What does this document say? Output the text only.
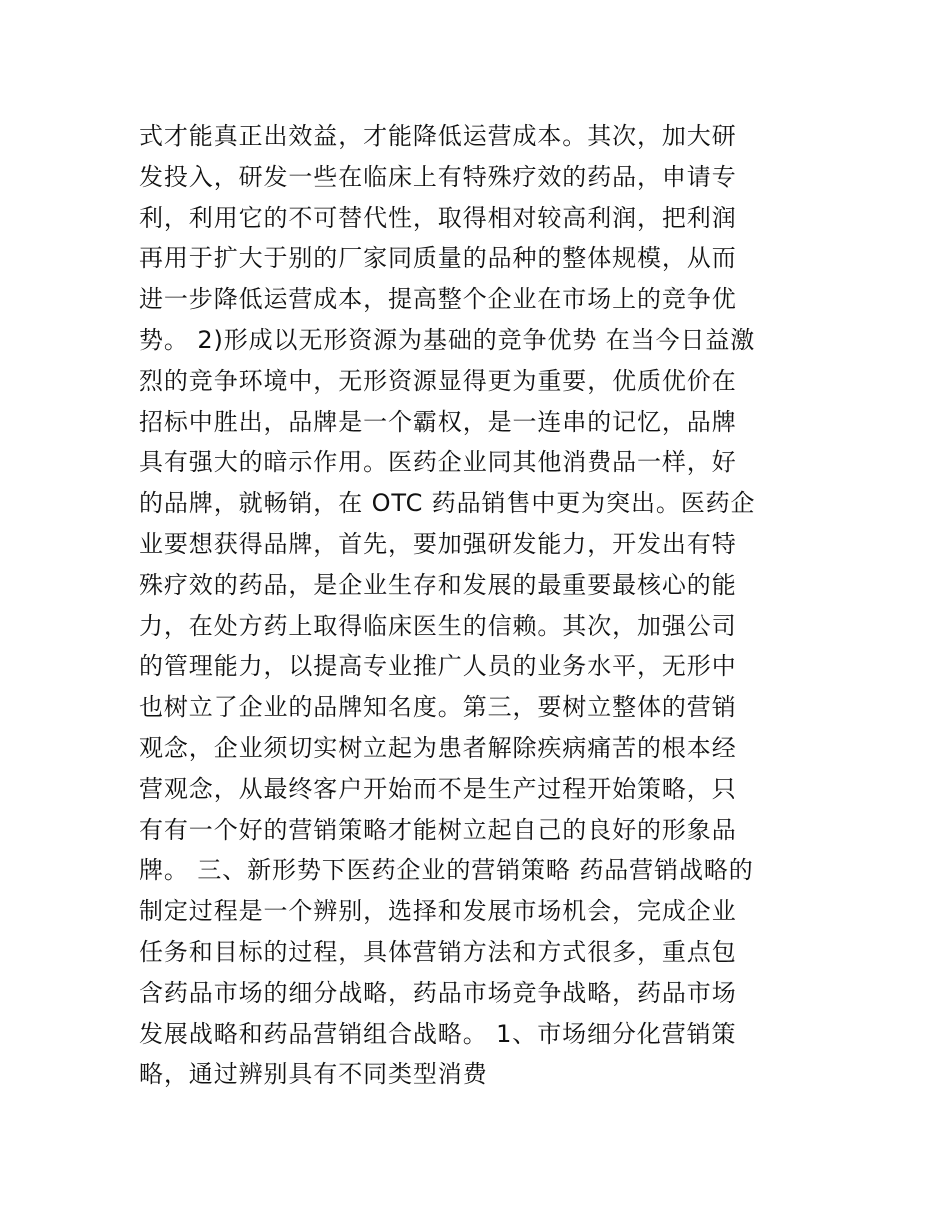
式才能真正出效益，才能降低运营成本。其次，加大研
发投入，研发一些在临床上有特殊疗效的药品，申请专
利，利用它的不可替代性，取得相对较高利润，把利润
再用于扩大于别的厂家同质量的品种的整体规模，从而
进一步降低运营成本，提高整个企业在市场上的竞争优
势。 2)形成以无形资源为基础的竞争优势 在当今日益激
烈的竞争环境中，无形资源显得更为重要，优质优价在
招标中胜出，品牌是一个霸权，是一连串的记忆，品牌
具有强大的暗示作用。医药企业同其他消费品一样，好
的品牌，就畅销，在 OTC 药品销售中更为突出。医药企
业要想获得品牌，首先，要加强研发能力，开发出有特
殊疗效的药品，是企业生存和发展的最重要最核心的能
力，在处方药上取得临床医生的信赖。其次，加强公司
的管理能力，以提高专业推广人员的业务水平，无形中
也树立了企业的品牌知名度。第三，要树立整体的营销
观念，企业须切实树立起为患者解除疾病痛苦的根本经
营观念，从最终客户开始而不是生产过程开始策略，只
有有一个好的营销策略才能树立起自己的良好的形象品
牌。 三、新形势下医药企业的营销策略 药品营销战略的
制定过程是一个辨别，选择和发展市场机会，完成企业
任务和目标的过程，具体营销方法和方式很多，重点包
含药品市场的细分战略，药品市场竞争战略，药品市场
发展战略和药品营销组合战略。 1、市场细分化营销策
略，通过辨别具有不同类型消费
